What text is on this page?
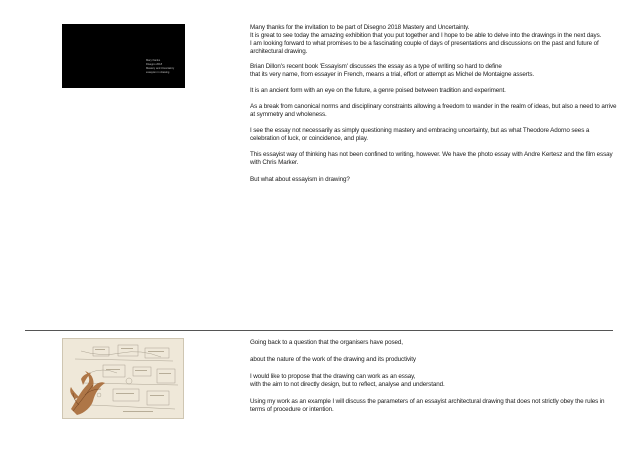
Mary thanks
Disegno 2018
Mastery and Uncertainty
essayism in drawing

Many thanks for the invitation to be part of Disegno 2018 Mastery and Uncertainty.
It is great to see today the amazing exhibition that you put together and I hope to be able to delve into the drawings in the next days.
I am looking forward to what promises to be a fascinating couple of days of presentations and discussions on the past and future of architectural drawing.

Brian Dillon's recent book 'Essayism' discusses the essay as a type of writing so hard to define
that its very name, from essayer in French, means a trial, effort or attempt as Michel de Montaigne asserts.

It is an ancient form with an eye on the future, a genre poised between tradition and experiment.

As a break from canonical norms and disciplinary constraints allowing a freedom to wander in the realm of ideas, but also a need to arrive at symmetry and wholeness.

I see the essay not necessarily as simply questioning mastery and embracing uncertainty, but as what Theodore Adorno sees a celebration of luck, or coincidence, and play.

This essayist way of thinking has not been confined to writing, however. We have the photo essay with Andre Kertesz and the film essay with Chris Marker.

But what about essayism in drawing?

Going back to a question that the organisers have posed,

about the nature of the work of the drawing and its productivity

I would like to propose that the drawing can work as an essay,
with the aim to not directly design, but to reflect, analyse and understand.

Using my work as an example I will discuss the parameters of an essayist architectural drawing that does not strictly obey the rules in terms of procedure or intention.
